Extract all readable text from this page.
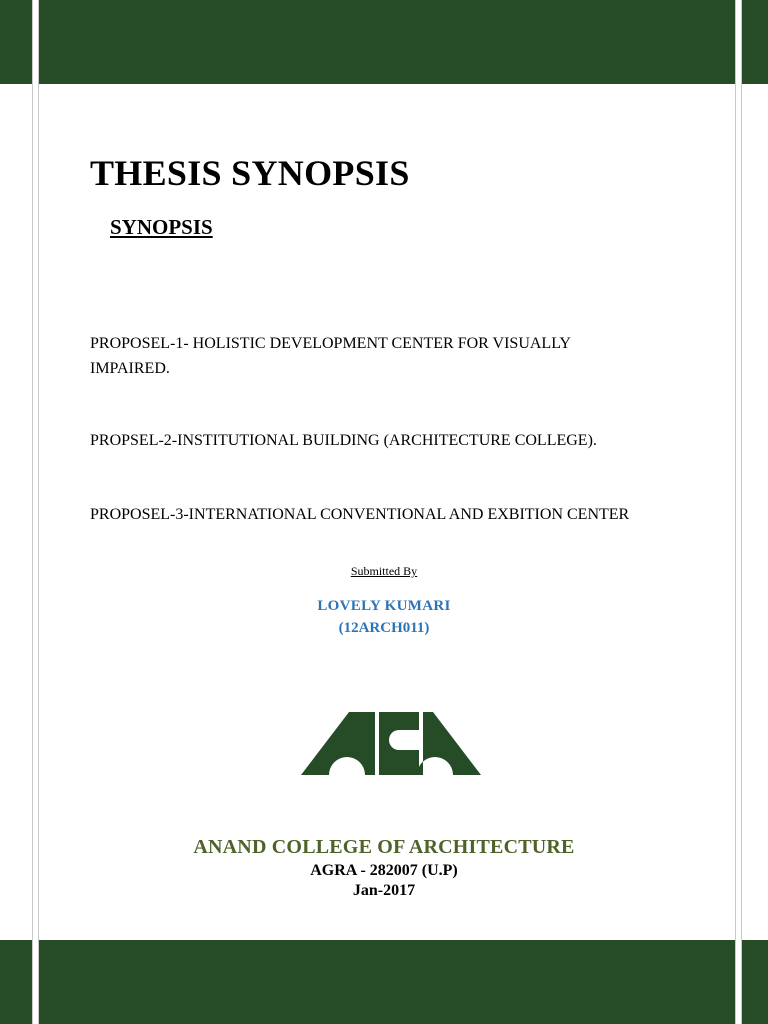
THESIS SYNOPSIS
SYNOPSIS

PROPOSEL-1- HOLISTIC DEVELOPMENT CENTER FOR VISUALLY IMPAIRED.

PROPSEL-2-INSTITUTIONAL BUILDING (ARCHITECTURE COLLEGE).

PROPOSEL-3-INTERNATIONAL CONVENTIONAL AND EXBITION CENTER

Submitted By

LOVELY KUMARI

(12ARCH011)

ANAND COLLEGE OF ARCHITECTURE

AGRA - 282007 (U.P)

Jan-2017
